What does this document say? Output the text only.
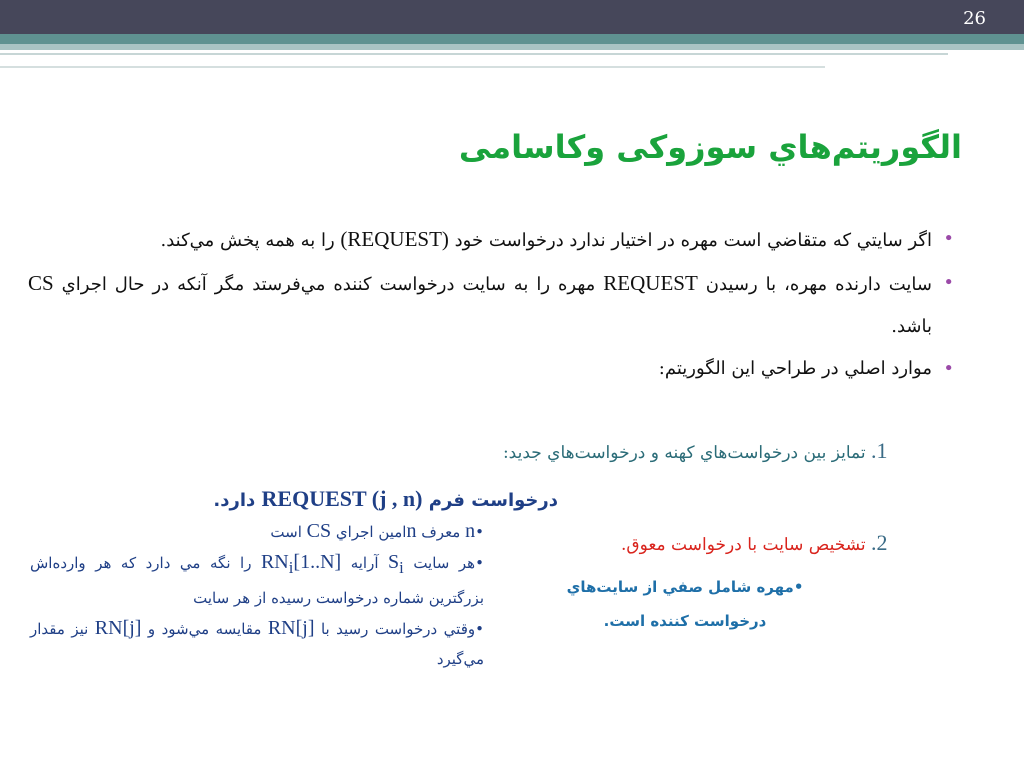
26
الگوريتم‌هاي سوزوکی وکاسامی
•
اگر سايتي که متقاضي است مهره در اختيار ندارد درخواست خود (REQUEST) را به همه پخش مي‌کند.
•
سايت دارنده مهره، با رسيدن REQUEST مهره را به سايت درخواست کننده مي‌فرستد مگر آنکه در حال اجراي CS باشد.
•
موارد اصلي در طراحي اين الگوريتم:
.1 تمايز بين درخواست‌هاي کهنه و درخواست‌هاي جديد:
درخواست فرم REQUEST (j , n) دارد.
.2 تشخيص سايت با درخواست معوق.

•n معرف nامين اجراي CS است

•هر سايت $S_i$ آرايه $RN_i[1..N]$ را نگه مي دارد که هر وارده‌اش بزرگترين شماره درخواست رسيده از هر سايت

•وقتي درخواست رسيد با RN[j] مقايسه مي‌شود و RN[j] نيز مقدار مي‌گيرد

•مهره شامل صفي از سايت‌هاي
درخواست کننده است.
